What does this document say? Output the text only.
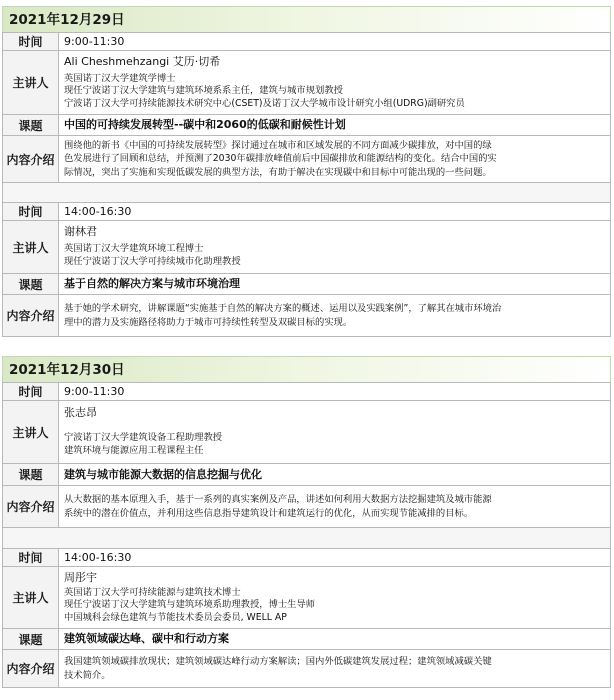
2021年12月29日
时间	9:00-11:30
主讲人	Ali Cheshmehzangi 艾历·切希
英国诺丁汉大学建筑学博士
现任宁波诺丁汉大学建筑与建筑环境系系主任，建筑与城市规划教授
宁波诺丁汉大学可持续能源技术研究中心(CSET)及诺丁汉大学城市设计研究小组(UDRG)副研究员

课题	中国的可持续发展转型--碳中和2060的低碳和耐候性计划
内容介绍	围绕他的新书《中国的可持续发展转型》探讨通过在城市和区域发展的不同方面减少碳排放，对中国的绿
色发展进行了回顾和总结，并预测了2030年碳排放峰值前后中国碳排放和能源结构的变化。结合中国的实
际情况，突出了实施和实现低碳发展的典型方法，有助于解决在实现碳中和目标中可能出现的一些问题。

时间	14:00-16:30
主讲人	谢林君
英国诺丁汉大学建筑环境工程博士
现任宁波诺丁汉大学可持续城市化助理教授

课题	基于自然的解决方案与城市环境治理
内容介绍	基于她的学术研究，讲解课题“实施基于自然的解决方案的概述、运用以及实践案例”，了解其在城市环境治
理中的潜力及实施路径将助力于城市可持续性转型及双碳目标的实现。
2021年12月30日
时间	9:00-11:30
主讲人	张志昂
宁波诺丁汉大学建筑设备工程助理教授
建筑环境与能源应用工程课程主任

课题	建筑与城市能源大数据的信息挖掘与优化
内容介绍	从大数据的基本原理入手，基于一系列的真实案例及产品，讲述如何利用大数据方法挖掘建筑及城市能源
系统中的潜在价值点，并利用这些信息指导建筑设计和建筑运行的优化，从而实现节能减排的目标。

时间	14:00-16:30
主讲人	周彤宇
英国诺丁汉大学可持续能源与建筑技术博士
现任宁波诺丁汉大学建筑与建筑环境系助理教授，博士生导师
中国城科会绿色建筑与节能技术委员会委员, WELL AP

课题	建筑领域碳达峰、碳中和行动方案
内容介绍	我国建筑领域碳排放现状；建筑领域碳达峰行动方案解读；国内外低碳建筑发展过程；建筑领域减碳关键
技术简介。
